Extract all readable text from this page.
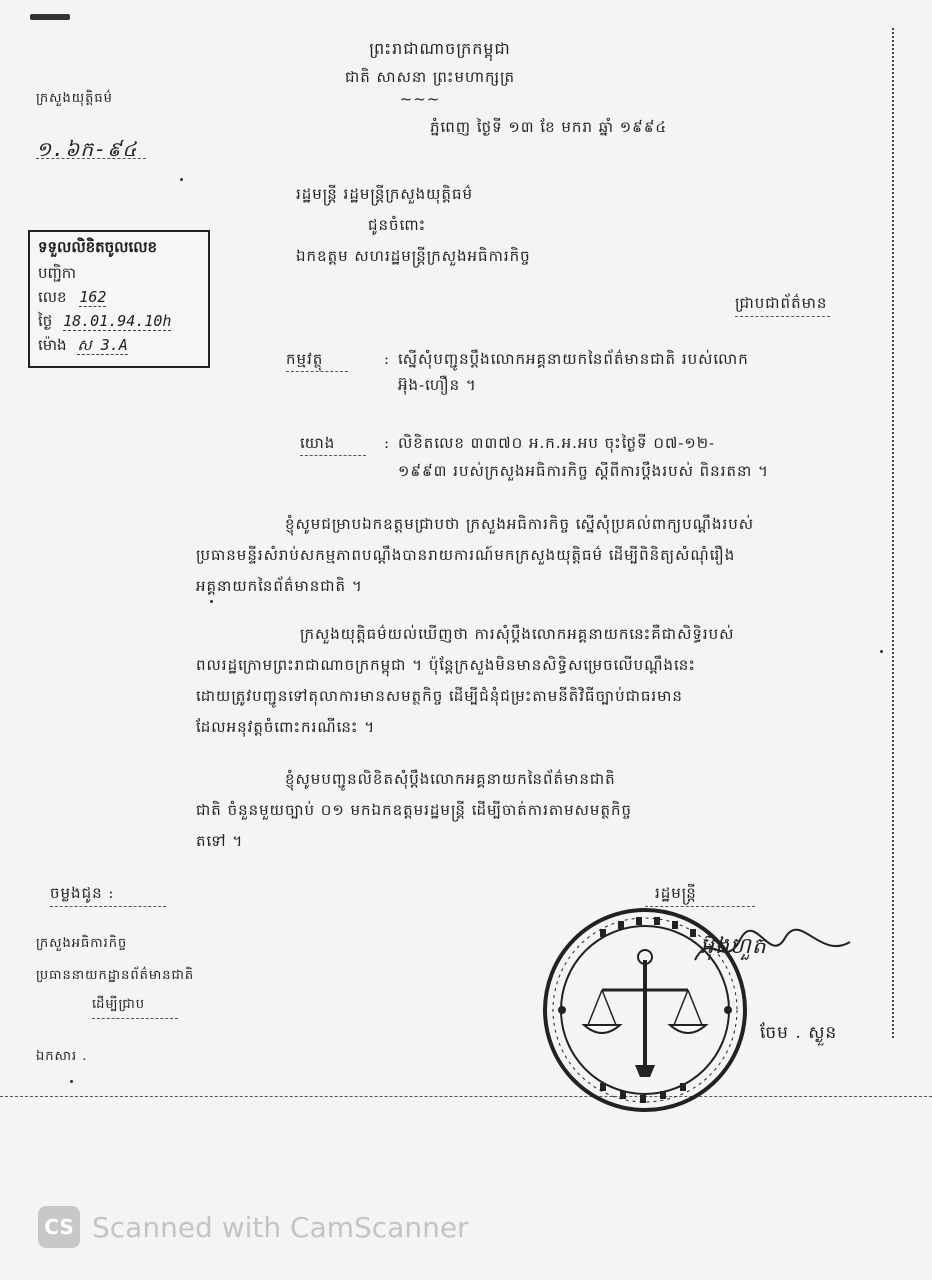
ព្រះរាជាណាចក្រកម្ពុជា
ជាតិ សាសនា ព្រះមហាក្សត្រ
~~~
ក្រសួងយុត្តិធម៌
១.៦ក-៩៤
ភ្នំពេញ ថ្ងៃទី ១៣ ខែ មករា ឆ្នាំ ១៩៩៤
រដ្ឋមន្ត្រី រដ្ឋមន្ត្រីក្រសួងយុត្តិធម៌
ជូនចំពោះ
ឯកឧត្តម សហរដ្ឋមន្ត្រីក្រសួងអធិការកិច្ច
ជ្រាបជាព័ត៌មាន
ទទួលលិខិតចូលលេខ
បញ្ជិកា
លេខ 162
ថ្ងៃ 18.01.94.10h
ម៉ោង ស 3.A
កម្មវត្ថុ	: ស្នើសុំបញ្ជូនប្តឹងលោកអគ្គនាយកនៃព័ត៌មានជាតិ របស់លោក
អ៊ុង-ហឿន ។
យោង	: លិខិតលេខ ៣៣៧០ អ.ក.អ.អប ចុះថ្ងៃទី ០៧-១២-
១៩៩៣ របស់ក្រសួងអធិការកិច្ច ស្តីពីការប្តឹងរបស់ ពិនរតនា ។
ខ្ញុំសូមជម្រាបឯកឧត្តមជ្រាបថា ក្រសួងអធិការកិច្ច ស្នើសុំប្រគល់ពាក្យបណ្តឹងរបស់
ប្រធានមន្ទីរសំរាប់សកម្មភាពបណ្តឹងបានរាយការណ៍មកក្រសួងយុត្តិធម៌ ដើម្បីពិនិត្យសំណុំរឿង
អគ្គនាយកនៃព័ត៌មានជាតិ ។
ក្រសួងយុត្តិធម៌យល់ឃើញថា ការសុំប្តឹងលោកអគ្គនាយកនេះគឺជាសិទ្ធិរបស់
ពលរដ្ឋក្រោមព្រះរាជាណាចក្រកម្ពុជា ។ ប៉ុន្តែក្រសួងមិនមានសិទ្ធិសម្រេចលើបណ្តឹងនេះ
ដោយត្រូវបញ្ជូនទៅតុលាការមានសមត្ថកិច្ច ដើម្បីជំនុំជម្រះតាមនីតិវិធីច្បាប់ជាធរមាន
ដែលអនុវត្តចំពោះករណីនេះ ។
ខ្ញុំសូមបញ្ជូនលិខិតសុំប្តឹងលោកអគ្គនាយកនៃព័ត៌មានជាតិ
ជាតិ ចំនួនមួយច្បាប់ ០១ មកឯកឧត្តមរដ្ឋមន្ត្រី ដើម្បីចាត់ការតាមសមត្ថកិច្ច
តទៅ ។
ចម្លងជូន :
ក្រសួងអធិការកិច្ច
ប្រធាននាយកដ្ឋានព័ត៌មានជាតិ
ដើម្បីជ្រាប
ឯកសារ .
រដ្ឋមន្ត្រី
អ៊ុងហួត
ចែម . ស្ងួន
CS Scanned with CamScanner
